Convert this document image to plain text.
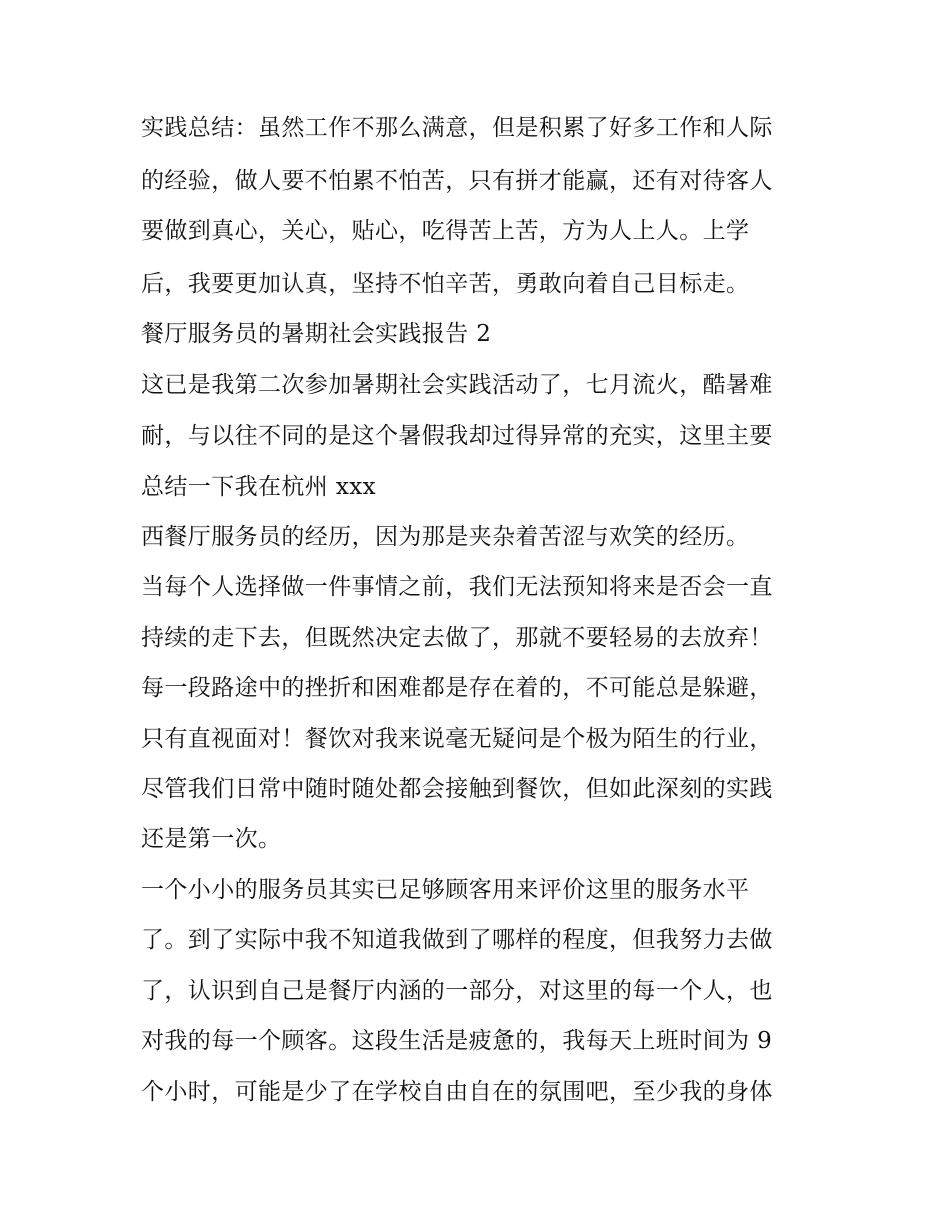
实践总结：虽然工作不那么满意，但是积累了好多工作和人际
的经验，做人要不怕累不怕苦，只有拼才能赢，还有对待客人
要做到真心，关心，贴心，吃得苦上苦，方为人上人。上学
后，我要更加认真，坚持不怕辛苦，勇敢向着自己目标走。
餐厅服务员的暑期社会实践报告 2
这已是我第二次参加暑期社会实践活动了，七月流火，酷暑难
耐，与以往不同的是这个暑假我却过得异常的充实，这里主要
总结一下我在杭州 xxx
西餐厅服务员的经历，因为那是夹杂着苦涩与欢笑的经历。
当每个人选择做一件事情之前，我们无法预知将来是否会一直
持续的走下去，但既然决定去做了，那就不要轻易的去放弃！
每一段路途中的挫折和困难都是存在着的，不可能总是躲避，
只有直视面对！餐饮对我来说毫无疑问是个极为陌生的行业，
尽管我们日常中随时随处都会接触到餐饮，但如此深刻的实践
还是第一次。
一个小小的服务员其实已足够顾客用来评价这里的服务水平
了。到了实际中我不知道我做到了哪样的程度，但我努力去做
了，认识到自己是餐厅内涵的一部分，对这里的每一个人，也
对我的每一个顾客。这段生活是疲惫的，我每天上班时间为 9
个小时，可能是少了在学校自由自在的氛围吧，至少我的身体
